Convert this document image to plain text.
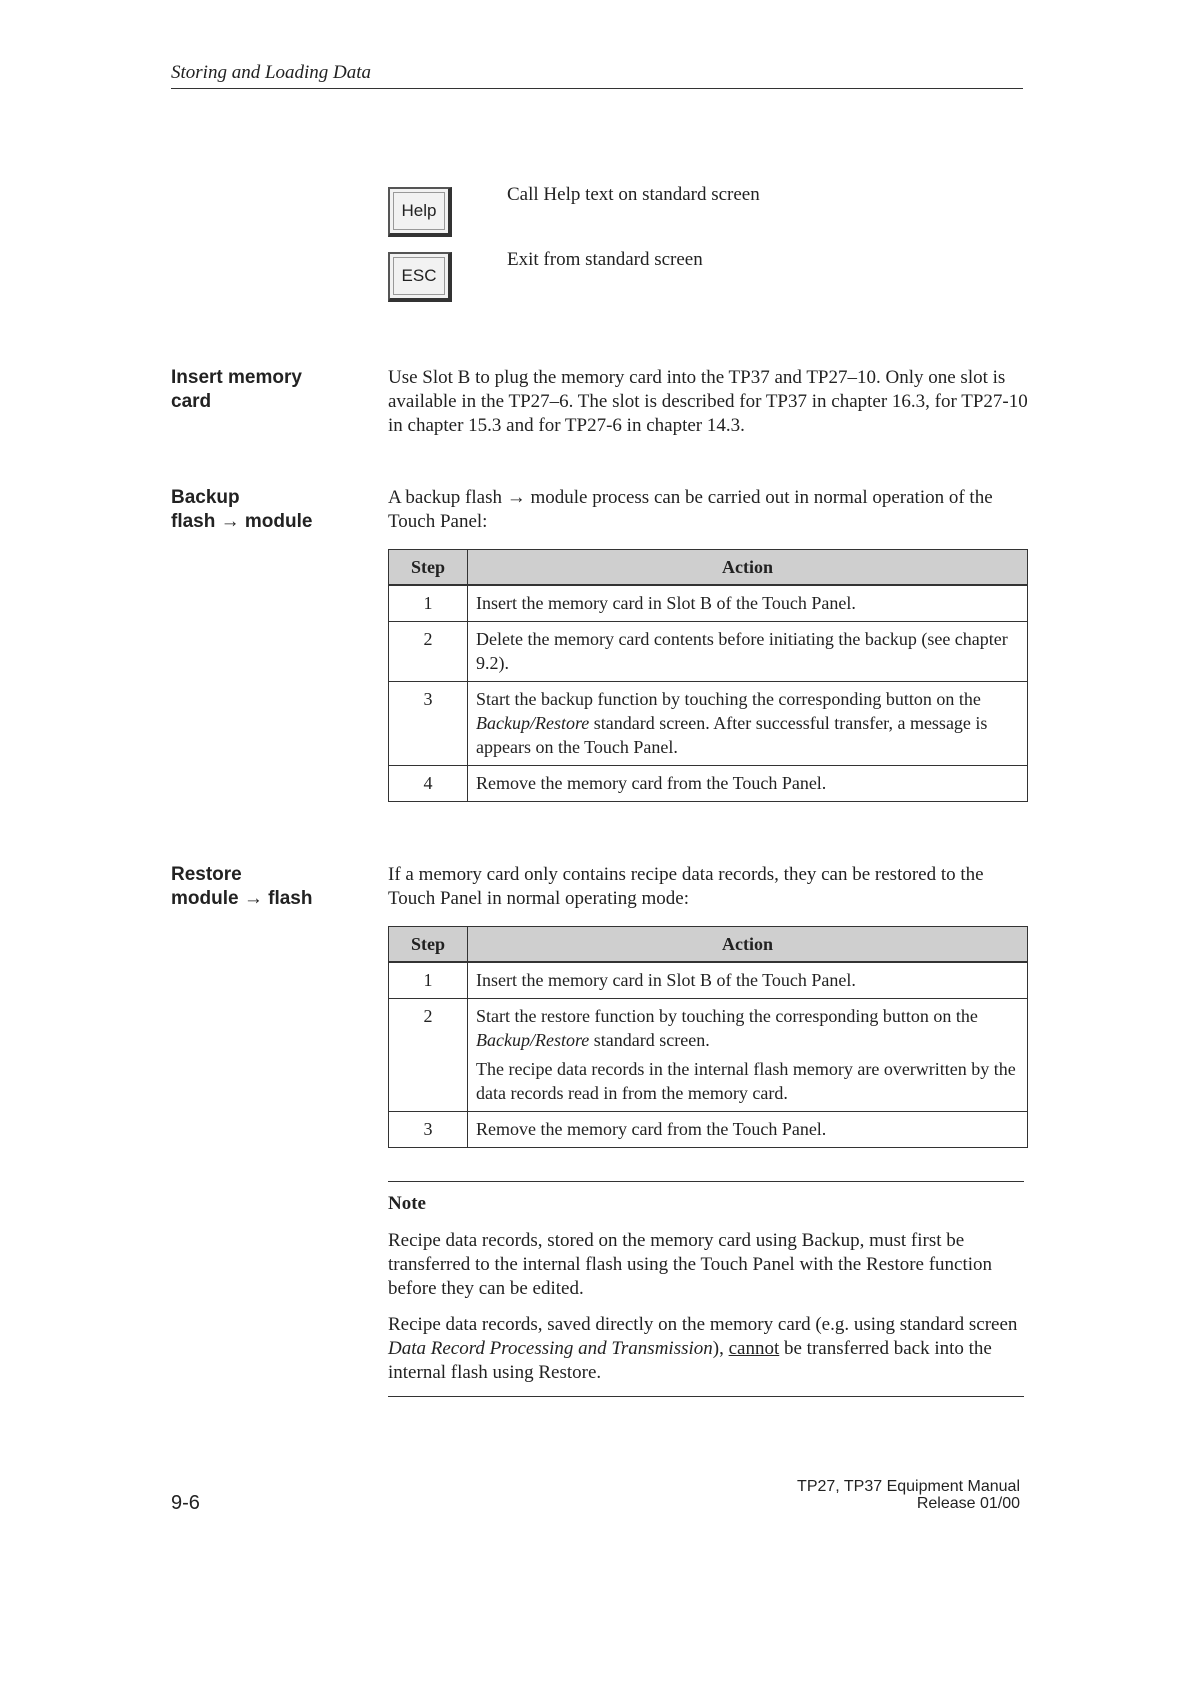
Storing and Loading Data
Help
Call Help text on standard screen
ESC
Exit from standard screen
Insert memory card
Use Slot B to plug the memory card into the TP37 and TP27–10. Only one slot is available in the TP27–6. The slot is described for TP37 in chapter 16.3, for TP27-10 in chapter 15.3 and for TP27-6 in chapter 14.3.
Backup
flash → module
A backup flash → module process can be carried out in normal operation of the Touch Panel:
Step	Action
1	Insert the memory card in Slot B of the Touch Panel.
2	Delete the memory card contents before initiating the backup (see chapter 9.2).
3	Start the backup function by touching the corresponding button on the Backup/Restore standard screen. After successful transfer, a message is appears on the Touch Panel.
4	Remove the memory card from the Touch Panel.
Restore
module → flash
If a memory card only contains recipe data records, they can be restored to the Touch Panel in normal operating mode:
Step	Action
1	Insert the memory card in Slot B of the Touch Panel.
2	Start the restore function by touching the corresponding button on the Backup/Restore standard screen.

The recipe data records in the internal flash memory are overwritten by the data records read in from the memory card.

3	Remove the memory card from the Touch Panel.
Note
Recipe data records, stored on the memory card using Backup, must first be transferred to the internal flash using the Touch Panel with the Restore function before they can be edited.
Recipe data records, saved directly on the memory card (e.g. using standard screen Data Record Processing and Transmission), cannot be transferred back into the internal flash using Restore.
9-6
TP27, TP37 Equipment Manual
Release 01/00
